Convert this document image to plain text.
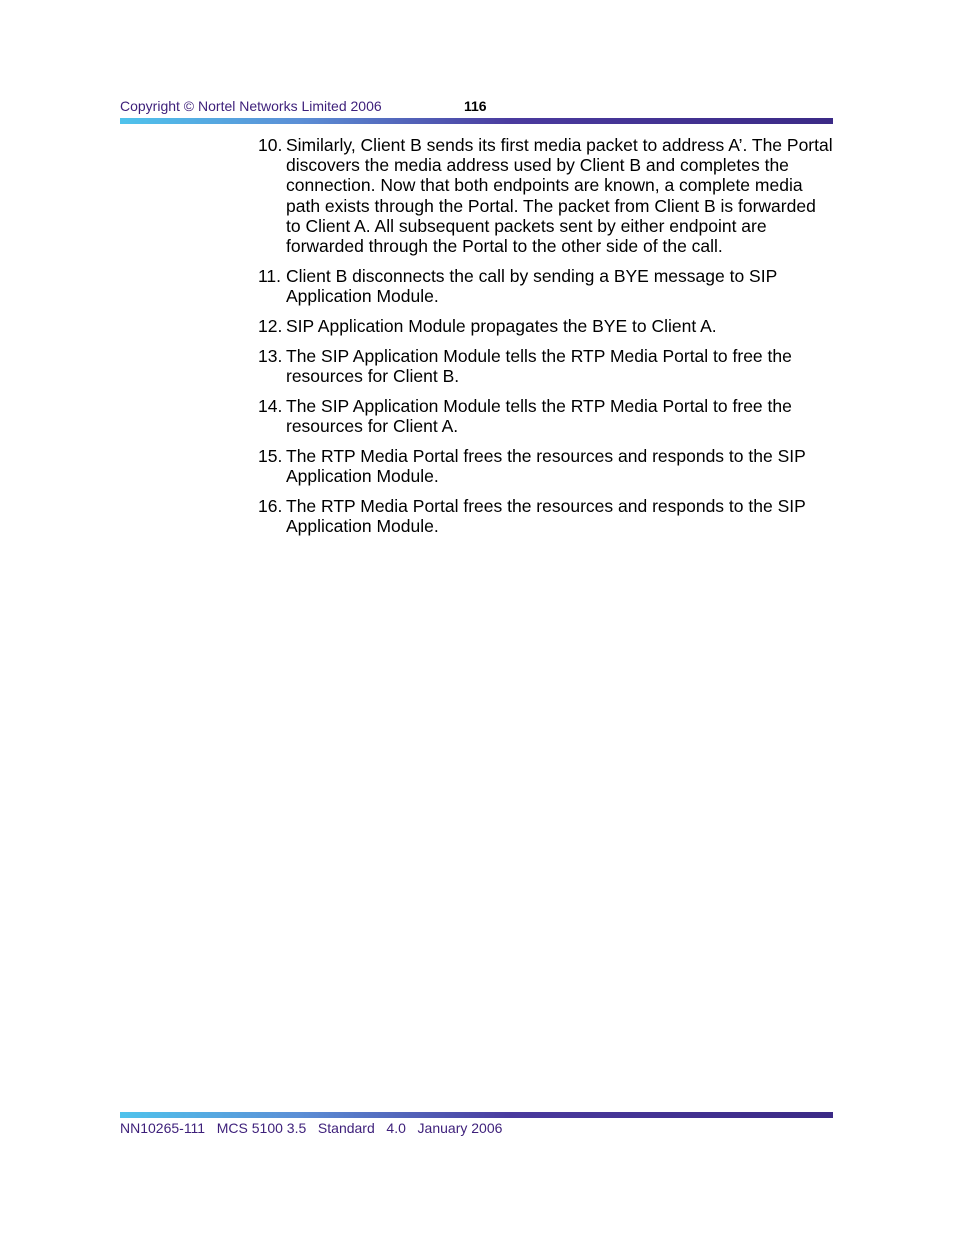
Copyright © Nortel Networks Limited 2006	116
10. Similarly, Client B sends its first media packet to address A’. The Portal discovers the media address used by Client B and completes the connection. Now that both endpoints are known, a complete media path exists through the Portal. The packet from Client B is forwarded to Client A. All subsequent packets sent by either endpoint are forwarded through the Portal to the other side of the call.
11. Client B disconnects the call by sending a BYE message to SIP Application Module.
12. SIP Application Module propagates the BYE to Client A.
13. The SIP Application Module tells the RTP Media Portal to free the resources for Client B.
14. The SIP Application Module tells the RTP Media Portal to free the resources for Client A.
15. The RTP Media Portal frees the resources and responds to the SIP Application Module.
16. The RTP Media Portal frees the resources and responds to the SIP Application Module.
NN10265-111   MCS 5100 3.5   Standard   4.0   January 2006
